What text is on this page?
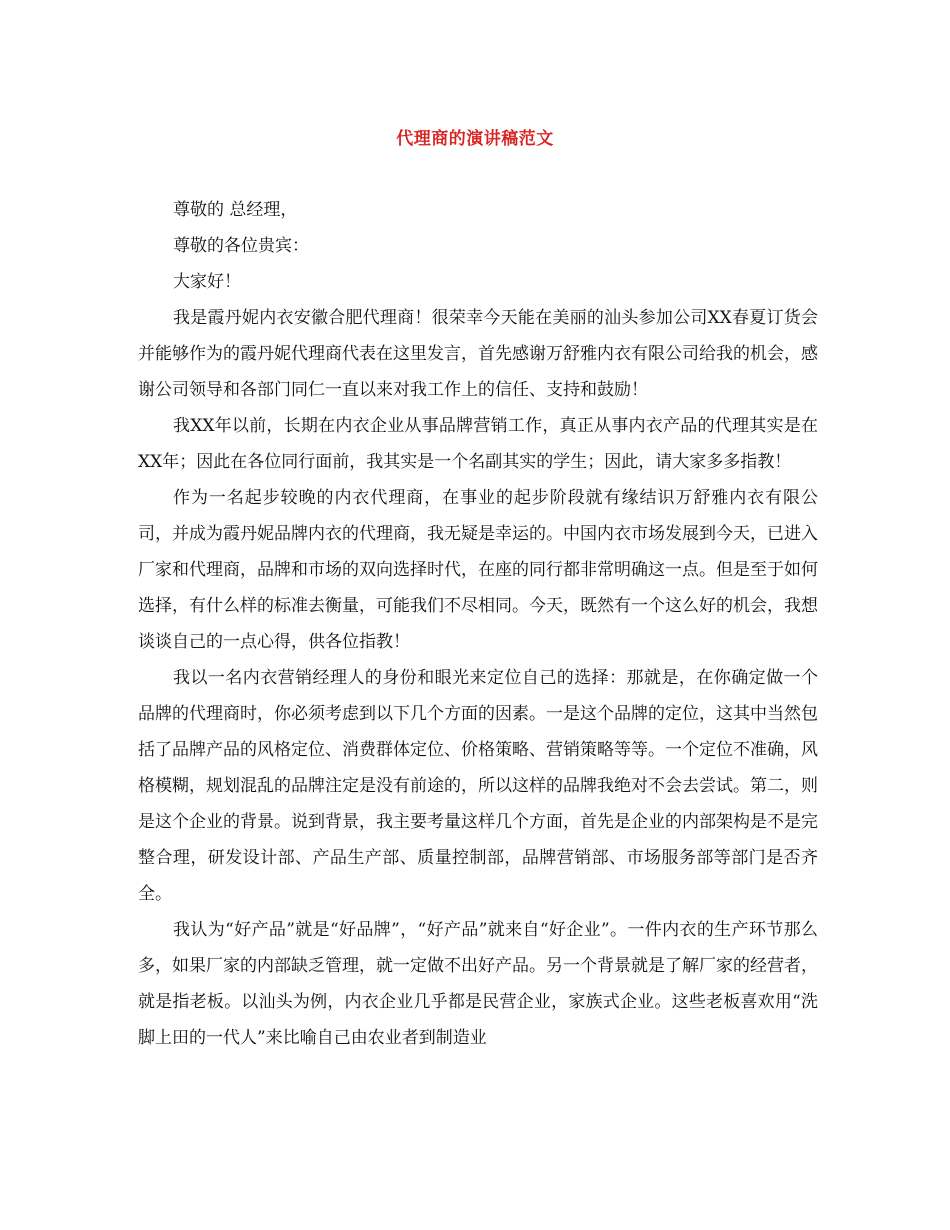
代理商的演讲稿范文

尊敬的 总经理，

尊敬的各位贵宾：

大家好！

我是霞丹妮内衣安徽合肥代理商！很荣幸今天能在美丽的汕头参加公司XX春夏订货会并能够作为的霞丹妮代理商代表在这里发言，首先感谢万舒雅内衣有限公司给我的机会，感谢公司领导和各部门同仁一直以来对我工作上的信任、支持和鼓励！

我XX年以前，长期在内衣企业从事品牌营销工作，真正从事内衣产品的代理其实是在XX年；因此在各位同行面前，我其实是一个名副其实的学生；因此，请大家多多指教！

作为一名起步较晚的内衣代理商，在事业的起步阶段就有缘结识万舒雅内衣有限公司，并成为霞丹妮品牌内衣的代理商，我无疑是幸运的。中国内衣市场发展到今天，已进入厂家和代理商，品牌和市场的双向选择时代，在座的同行都非常明确这一点。但是至于如何选择，有什么样的标准去衡量，可能我们不尽相同。今天，既然有一个这么好的机会，我想谈谈自己的一点心得，供各位指教！

我以一名内衣营销经理人的身份和眼光来定位自己的选择：那就是，在你确定做一个品牌的代理商时，你必须考虑到以下几个方面的因素。一是这个品牌的定位，这其中当然包括了品牌产品的风格定位、消费群体定位、价格策略、营销策略等等。一个定位不准确，风格模糊，规划混乱的品牌注定是没有前途的，所以这样的品牌我绝对不会去尝试。第二，则是这个企业的背景。说到背景，我主要考量这样几个方面，首先是企业的内部架构是不是完整合理，研发设计部、产品生产部、质量控制部，品牌营销部、市场服务部等部门是否齐全。

我认为“好产品”就是“好品牌”，“好产品”就来自“好企业”。一件内衣的生产环节那么多，如果厂家的内部缺乏管理，就一定做不出好产品。另一个背景就是了解厂家的经营者，就是指老板。以汕头为例，内衣企业几乎都是民营企业，家族式企业。这些老板喜欢用“洗脚上田的一代人”来比喻自己由农业者到制造业
